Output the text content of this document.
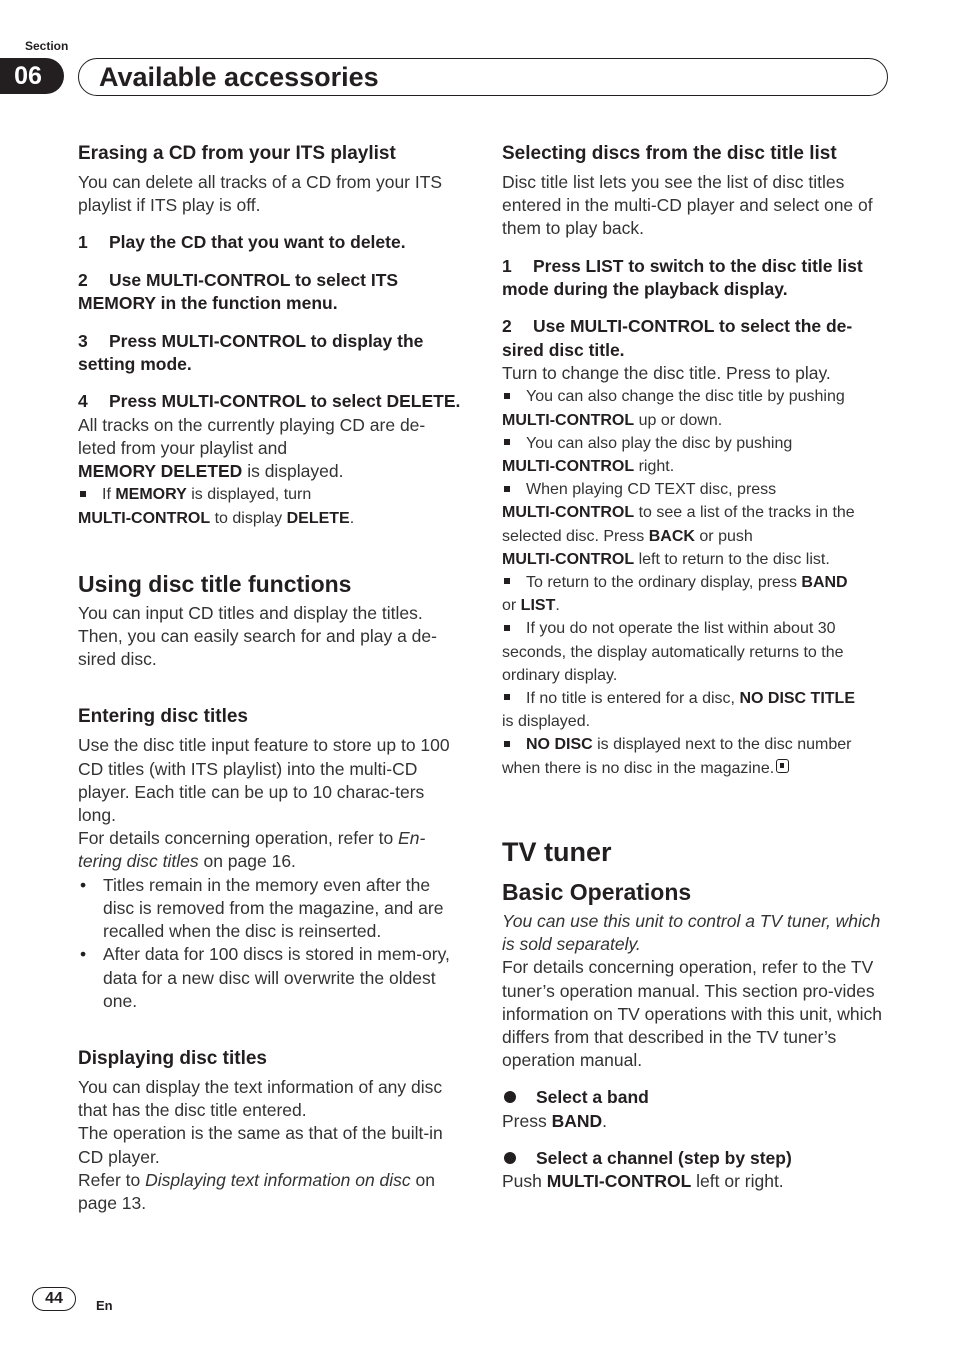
Section
06	Available accessories

Erasing a CD from your ITS playlist

You can delete all tracks of a CD from your ITS playlist if ITS play is off.

1 Play the CD that you want to delete.

2 Use MULTI-CONTROL to select ITS MEMORY in the function menu.

3 Press MULTI-CONTROL to display the setting mode.

4 Press MULTI-CONTROL to select DELETE.

All tracks on the currently playing CD are de-leted from your playlist and

MEMORY DELETED is displayed.

If MEMORY is displayed, turn
MULTI-CONTROL to display DELETE.

Using disc title functions

You can input CD titles and display the titles. Then, you can easily search for and play a de-sired disc.

Entering disc titles

Use the disc title input feature to store up to 100 CD titles (with ITS playlist) into the multi-CD player. Each title can be up to 10 charac-ters long.

For details concerning operation, refer to En-tering disc titles on page 16.

• Titles remain in the memory even after the disc is removed from the magazine, and are recalled when the disc is reinserted.
• After data for 100 discs is stored in mem-ory, data for a new disc will overwrite the oldest one.

Displaying disc titles

You can display the text information of any disc that has the disc title entered.

The operation is the same as that of the built-in CD player.

Refer to Displaying text information on disc on page 13.

Selecting discs from the disc title list

Disc title list lets you see the list of disc titles entered in the multi-CD player and select one of them to play back.

1 Press LIST to switch to the disc title list mode during the playback display.

2 Use MULTI-CONTROL to select the de-sired disc title.

Turn to change the disc title. Press to play.

You can also change the disc title by pushing
MULTI-CONTROL up or down.

You can also play the disc by pushing
MULTI-CONTROL right.

When playing CD TEXT disc, press
MULTI-CONTROL to see a list of the tracks in the selected disc. Press BACK or push
MULTI-CONTROL left to return to the disc list.

To return to the ordinary display, press BAND
or LIST.

If you do not operate the list within about 30 seconds, the display automatically returns to the ordinary display.

If no title is entered for a disc, NO DISC TITLE
is displayed.

NO DISC is displayed next to the disc number when there is no disc in the magazine.

TV tuner

Basic Operations

You can use this unit to control a TV tuner, which is sold separately.

For details concerning operation, refer to the TV tuner’s operation manual. This section pro-vides information on TV operations with this unit, which differs from that described in the TV tuner’s operation manual.

Select a band

Press BAND.

Select a channel (step by step)

Push MULTI-CONTROL left or right.

44	En
